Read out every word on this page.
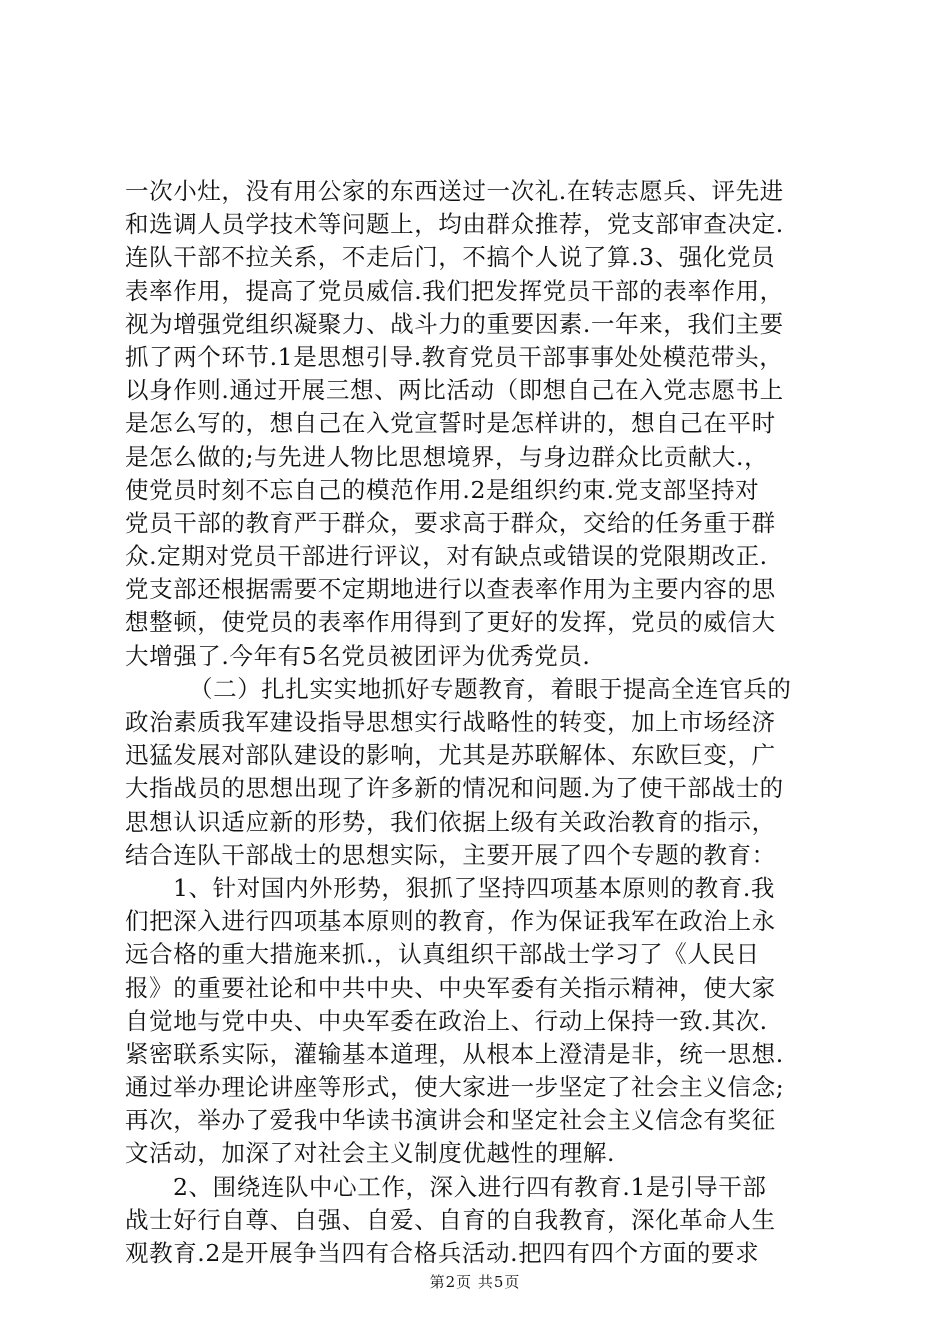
一次小灶，没有用公家的东西送过一次礼.在转志愿兵、评先进
和选调人员学技术等问题上，均由群众推荐，党支部审查决定.
连队干部不拉关系，不走后门，不搞个人说了算.3、强化党员
表率作用，提高了党员威信.我们把发挥党员干部的表率作用，
视为增强党组织凝聚力、战斗力的重要因素.一年来，我们主要
抓了两个环节.1是思想引导.教育党员干部事事处处模范带头，
以身作则.通过开展三想、两比活动（即想自己在入党志愿书上
是怎么写的，想自己在入党宣誓时是怎样讲的，想自己在平时
是怎么做的;与先进人物比思想境界，与身边群众比贡献大.，
使党员时刻不忘自己的模范作用.2是组织约束.党支部坚持对
党员干部的教育严于群众，要求高于群众，交给的任务重于群
众.定期对党员干部进行评议，对有缺点或错误的党限期改正.
党支部还根据需要不定期地进行以查表率作用为主要内容的思
想整顿，使党员的表率作用得到了更好的发挥，党员的威信大
大增强了.今年有5名党员被团评为优秀党员.
（二）扎扎实实地抓好专题教育，着眼于提高全连官兵的
政治素质我军建设指导思想实行战略性的转变，加上市场经济
迅猛发展对部队建设的影响，尤其是苏联解体、东欧巨变，广
大指战员的思想出现了许多新的情况和问题.为了使干部战士的
思想认识适应新的形势，我们依据上级有关政治教育的指示，
结合连队干部战士的思想实际，主要开展了四个专题的教育：
1、针对国内外形势，狠抓了坚持四项基本原则的教育.我
们把深入进行四项基本原则的教育，作为保证我军在政治上永
远合格的重大措施来抓.，认真组织干部战士学习了《人民日
报》的重要社论和中共中央、中央军委有关指示精神，使大家
自觉地与党中央、中央军委在政治上、行动上保持一致.其次.
紧密联系实际，灌输基本道理，从根本上澄清是非，统一思想.
通过举办理论讲座等形式，使大家进一步坚定了社会主义信念;
再次，举办了爱我中华读书演讲会和坚定社会主义信念有奖征
文活动，加深了对社会主义制度优越性的理解.
2、围绕连队中心工作，深入进行四有教育.1是引导干部
战士好行自尊、自强、自爱、自育的自我教育，深化革命人生
观教育.2是开展争当四有合格兵活动.把四有四个方面的要求
第2页 共5页
